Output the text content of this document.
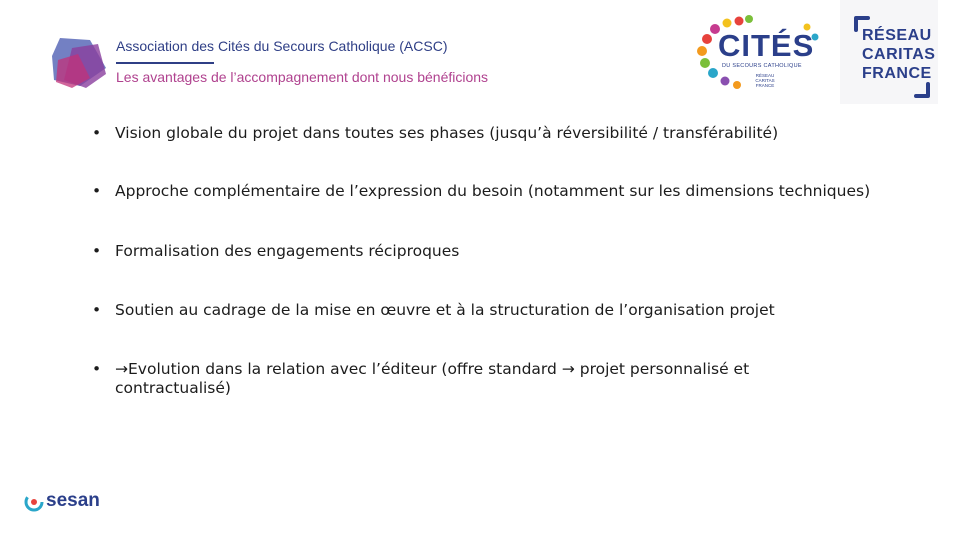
Association des Cités du Secours Catholique (ACSC)
Les avantages de l’accompagnement dont nous bénéficions
CITÉS
DU SECOURS CATHOLIQUE
RÉSEAU CARITAS FRANCE
RÉSEAU
CARITAS
FRANCE
• Vision globale du projet dans toutes ses phases (jusqu’à réversibilité / transférabilité)
• Approche complémentaire de l’expression du besoin (notamment sur les dimensions techniques)
• Formalisation des engagements réciproques
• Soutien au cadrage de la mise en œuvre et à la structuration de l’organisation projet
• →Evolution dans la relation avec l’éditeur (offre standard → projet personnalisé et contractualisé)
sesan
